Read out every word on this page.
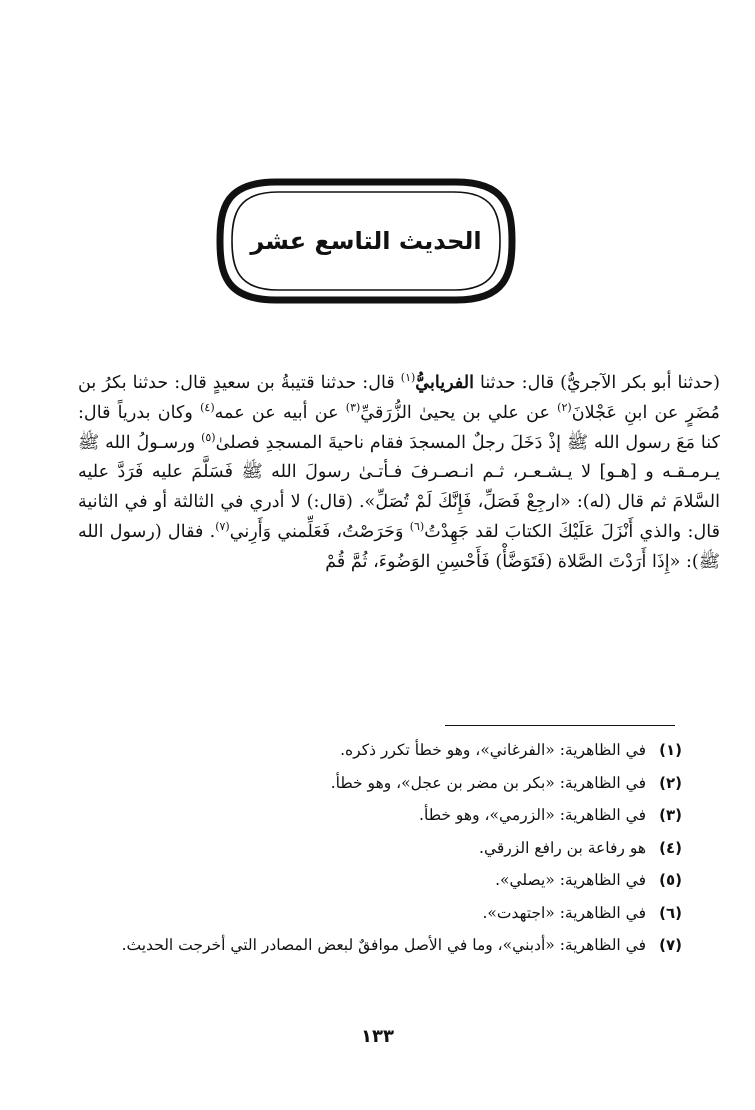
الحديث التاسع عشر

(حدثنا أبو بكر الآجريُّ) قال: حدثنا الفريابيُّ$^{(١)}$ قال: حدثنا قتيبةُ بن سعيدٍ قال: حدثنا بكرُ بن مُضَرٍ عن ابنِ عَجْلانَ$^{(٢)}$ عن علي بن يحيىٰ الزُّرَقيِّ$^{(٣)}$ عن أبيه عن عمه$^{(٤)}$ وكان بدرياً قال: كنا مَعَ رسول الله ﷺ إذْ دَخَلَ رجلٌ المسجدَ فقام ناحيةَ المسجدِ فصلىٰ$^{(٥)}$ ورسـولُ الله ﷺ يـرمـقـه و [هـو] لا يـشـعـر، ثـم انـصـرفَ فـأتـىٰ رسولَ الله ﷺ فَسَلَّمَ عليه فَرَدَّ عليه السَّلامَ ثم قال (له): «ارجِعْ فَصَلِّ، فَإِنَّكَ لَمْ تُصَلِّ». (قال:) لا أدري في الثالثة أو في الثانية قال: والذي أَنْزَلَ عَلَيْكَ الكتابَ لقد جَهِدْتُ$^{(٦)}$ وَحَرَصْتُ، فَعَلِّمني وَأَرِني$^{(٧)}$. فقال (رسول الله ﷺ): «إِذَا أَرَدْتَ الصَّلاة (فَتَوَضَّأْ) فَأَحْسِنِ الوَضُوءَ، ثُمَّ قُمْ

(١)
في الظاهرية: «الفرغاني»، وهو خطأ تكرر ذكره.
(٢)
في الظاهرية: «بكر بن مضر بن عجل»، وهو خطأ.
(٣)
في الظاهرية: «الزرمي»، وهو خطأ.
(٤)
هو رفاعة بن رافع الزرقي.
(٥)
في الظاهرية: «يصلي».
(٦)
في الظاهرية: «اجتهدت».
(٧)
في الظاهرية: «أدبني»، وما في الأصل موافقٌ لبعض المصادر التي أخرجت الحديث.
١٣٣
